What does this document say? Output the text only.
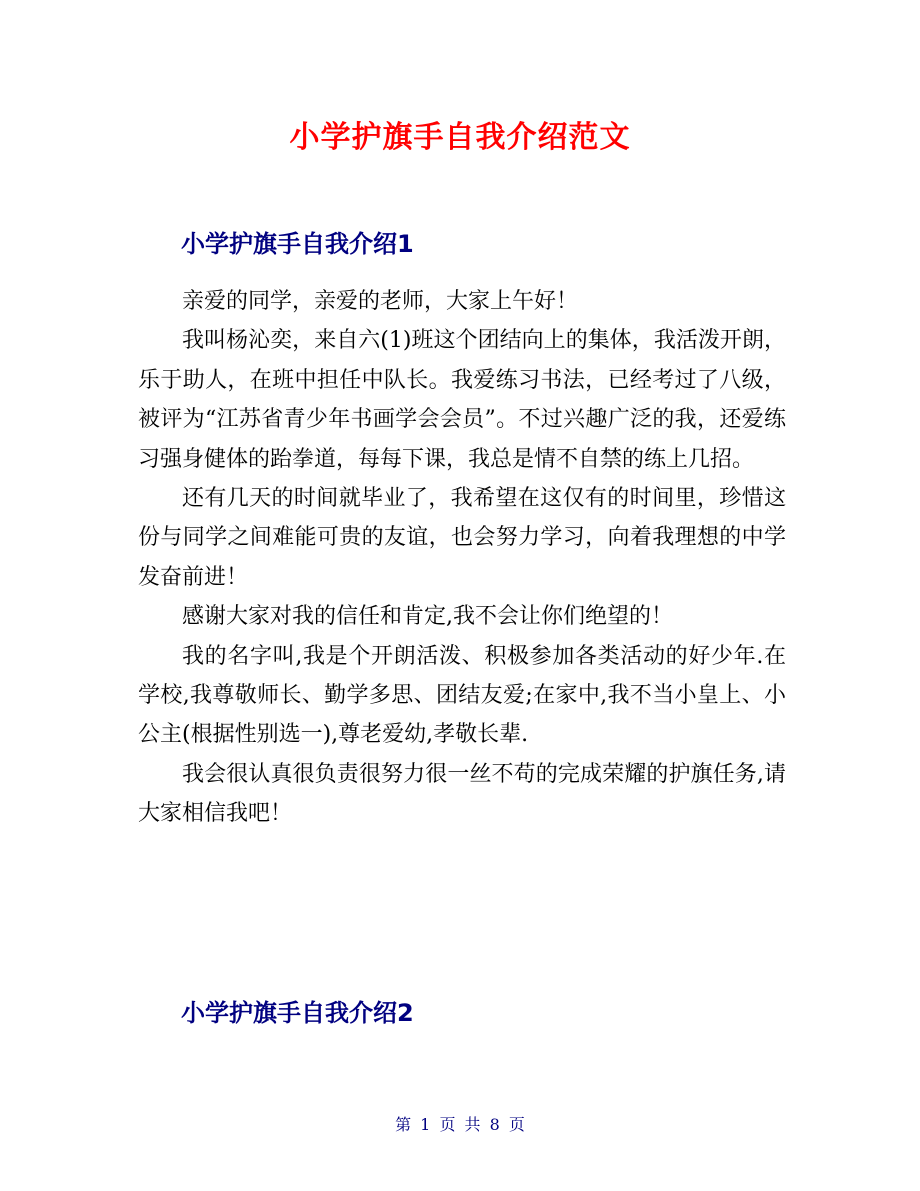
小学护旗手自我介绍范文
小学护旗手自我介绍1

亲爱的同学，亲爱的老师，大家上午好！

我叫杨沁奕，来自六(1)班这个团结向上的集体，我活泼开朗，乐于助人，在班中担任中队长。我爱练习书法，已经考过了八级，被评为“江苏省青少年书画学会会员”。不过兴趣广泛的我，还爱练习强身健体的跆拳道，每每下课，我总是情不自禁的练上几招。

还有几天的时间就毕业了，我希望在这仅有的时间里，珍惜这份与同学之间难能可贵的友谊，也会努力学习，向着我理想的中学发奋前进！

感谢大家对我的信任和肯定,我不会让你们绝望的！

我的名字叫,我是个开朗活泼、积极参加各类活动的好少年.在学校,我尊敬师长、勤学多思、团结友爱;在家中,我不当小皇上、小公主(根据性别选一),尊老爱幼,孝敬长辈.

我会很认真很负责很努力很一丝不苟的完成荣耀的护旗任务,请大家相信我吧！

小学护旗手自我介绍2
第 1 页 共 8 页
